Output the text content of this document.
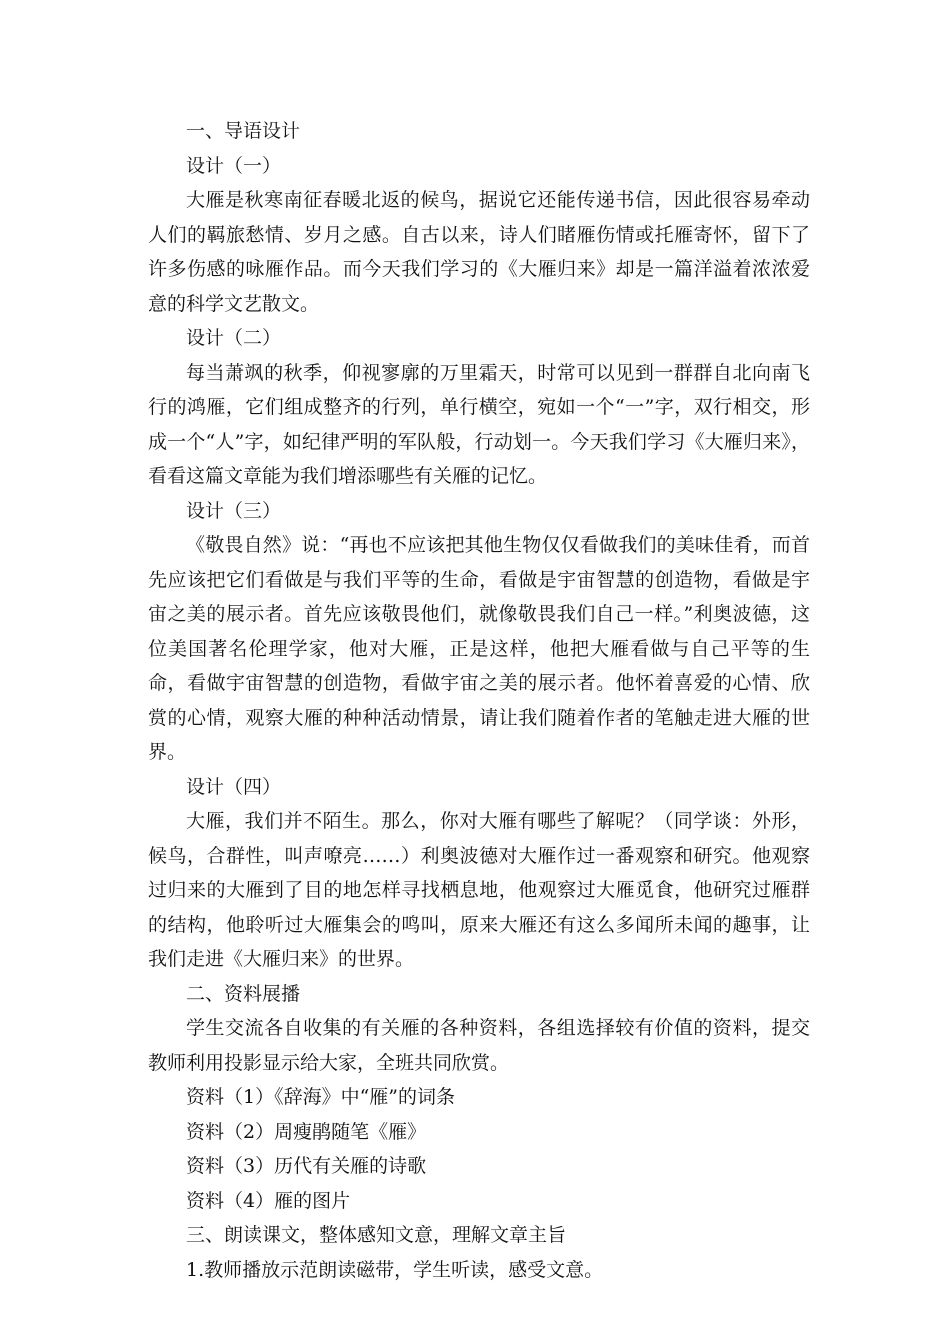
一、导语设计

设计（一）

大雁是秋寒南征春暖北返的候鸟，据说它还能传递书信，因此很容易牵动人们的羁旅愁情、岁月之感。自古以来，诗人们睹雁伤情或托雁寄怀，留下了许多伤感的咏雁作品。而今天我们学习的《大雁归来》却是一篇洋溢着浓浓爱意的科学文艺散文。

设计（二）

每当萧飒的秋季，仰视寥廓的万里霜天，时常可以见到一群群自北向南飞行的鸿雁，它们组成整齐的行列，单行横空，宛如一个“一”字，双行相交，形成一个“人”字，如纪律严明的军队般，行动划一。今天我们学习《大雁归来》，看看这篇文章能为我们增添哪些有关雁的记忆。

设计（三）

《敬畏自然》说：“再也不应该把其他生物仅仅看做我们的美味佳肴，而首先应该把它们看做是与我们平等的生命，看做是宇宙智慧的创造物，看做是宇宙之美的展示者。首先应该敬畏他们，就像敬畏我们自己一样。”利奥波德，这位美国著名伦理学家，他对大雁，正是这样，他把大雁看做与自己平等的生命，看做宇宙智慧的创造物，看做宇宙之美的展示者。他怀着喜爱的心情、欣赏的心情，观察大雁的种种活动情景，请让我们随着作者的笔触走进大雁的世界。

设计（四）

大雁，我们并不陌生。那么，你对大雁有哪些了解呢？（同学谈：外形，候鸟，合群性，叫声嘹亮……）利奥波德对大雁作过一番观察和研究。他观察过归来的大雁到了目的地怎样寻找栖息地，他观察过大雁觅食，他研究过雁群的结构，他聆听过大雁集会的鸣叫，原来大雁还有这么多闻所未闻的趣事，让我们走进《大雁归来》的世界。

二、资料展播

学生交流各自收集的有关雁的各种资料，各组选择较有价值的资料，提交教师利用投影显示给大家，全班共同欣赏。

资料（1）《辞海》中“雁”的词条

资料（2）周瘦鹃随笔《雁》

资料（3）历代有关雁的诗歌

资料（4）雁的图片

三、朗读课文，整体感知文意，理解文章主旨

1.教师播放示范朗读磁带，学生听读，感受文意。
